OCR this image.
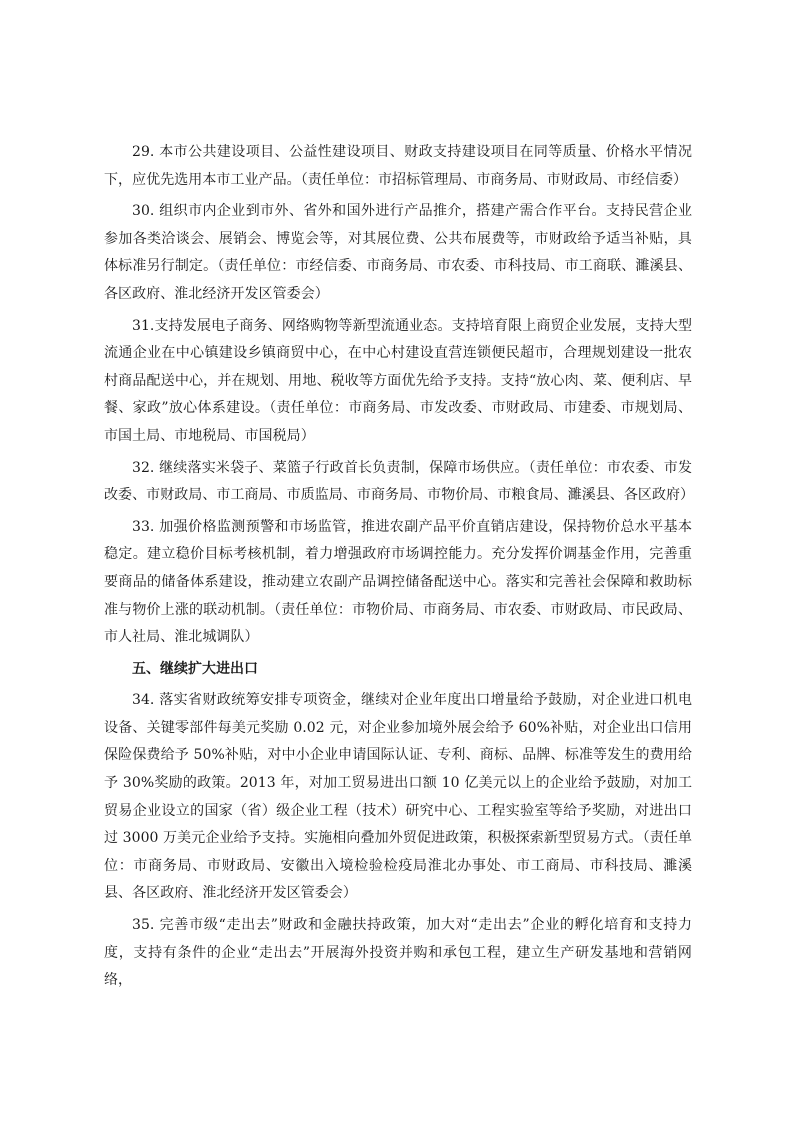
29. 本市公共建设项目、公益性建设项目、财政支持建设项目在同等质量、价格水平情况下，应优先选用本市工业产品。（责任单位：市招标管理局、市商务局、市财政局、市经信委）

30. 组织市内企业到市外、省外和国外进行产品推介，搭建产需合作平台。支持民营企业参加各类洽谈会、展销会、博览会等，对其展位费、公共布展费等，市财政给予适当补贴，具体标准另行制定。（责任单位：市经信委、市商务局、市农委、市科技局、市工商联、濉溪县、各区政府、淮北经济开发区管委会）

31.支持发展电子商务、网络购物等新型流通业态。支持培育限上商贸企业发展，支持大型流通企业在中心镇建设乡镇商贸中心，在中心村建设直营连锁便民超市，合理规划建设一批农村商品配送中心，并在规划、用地、税收等方面优先给予支持。支持“放心肉、菜、便利店、早餐、家政”放心体系建设。（责任单位：市商务局、市发改委、市财政局、市建委、市规划局、市国土局、市地税局、市国税局）

32. 继续落实米袋子、菜篮子行政首长负责制，保障市场供应。（责任单位：市农委、市发改委、市财政局、市工商局、市质监局、市商务局、市物价局、市粮食局、濉溪县、各区政府）

33. 加强价格监测预警和市场监管，推进农副产品平价直销店建设，保持物价总水平基本稳定。建立稳价目标考核机制，着力增强政府市场调控能力。充分发挥价调基金作用，完善重要商品的储备体系建设，推动建立农副产品调控储备配送中心。落实和完善社会保障和救助标准与物价上涨的联动机制。（责任单位：市物价局、市商务局、市农委、市财政局、市民政局、市人社局、淮北城调队）

五、继续扩大进出口

34. 落实省财政统筹安排专项资金，继续对企业年度出口增量给予鼓励，对企业进口机电设备、关键零部件每美元奖励 0.02 元，对企业参加境外展会给予 60%补贴，对企业出口信用保险保费给予 50%补贴，对中小企业申请国际认证、专利、商标、品牌、标准等发生的费用给予 30%奖励的政策。2013 年，对加工贸易进出口额 10 亿美元以上的企业给予鼓励，对加工贸易企业设立的国家（省）级企业工程（技术）研究中心、工程实验室等给予奖励，对进出口过 3000 万美元企业给予支持。实施相向叠加外贸促进政策，积极探索新型贸易方式。（责任单位：市商务局、市财政局、安徽出入境检验检疫局淮北办事处、市工商局、市科技局、濉溪县、各区政府、淮北经济开发区管委会）

35. 完善市级“走出去”财政和金融扶持政策，加大对“走出去”企业的孵化培育和支持力度，支持有条件的企业“走出去”开展海外投资并购和承包工程，建立生产研发基地和营销网络，
